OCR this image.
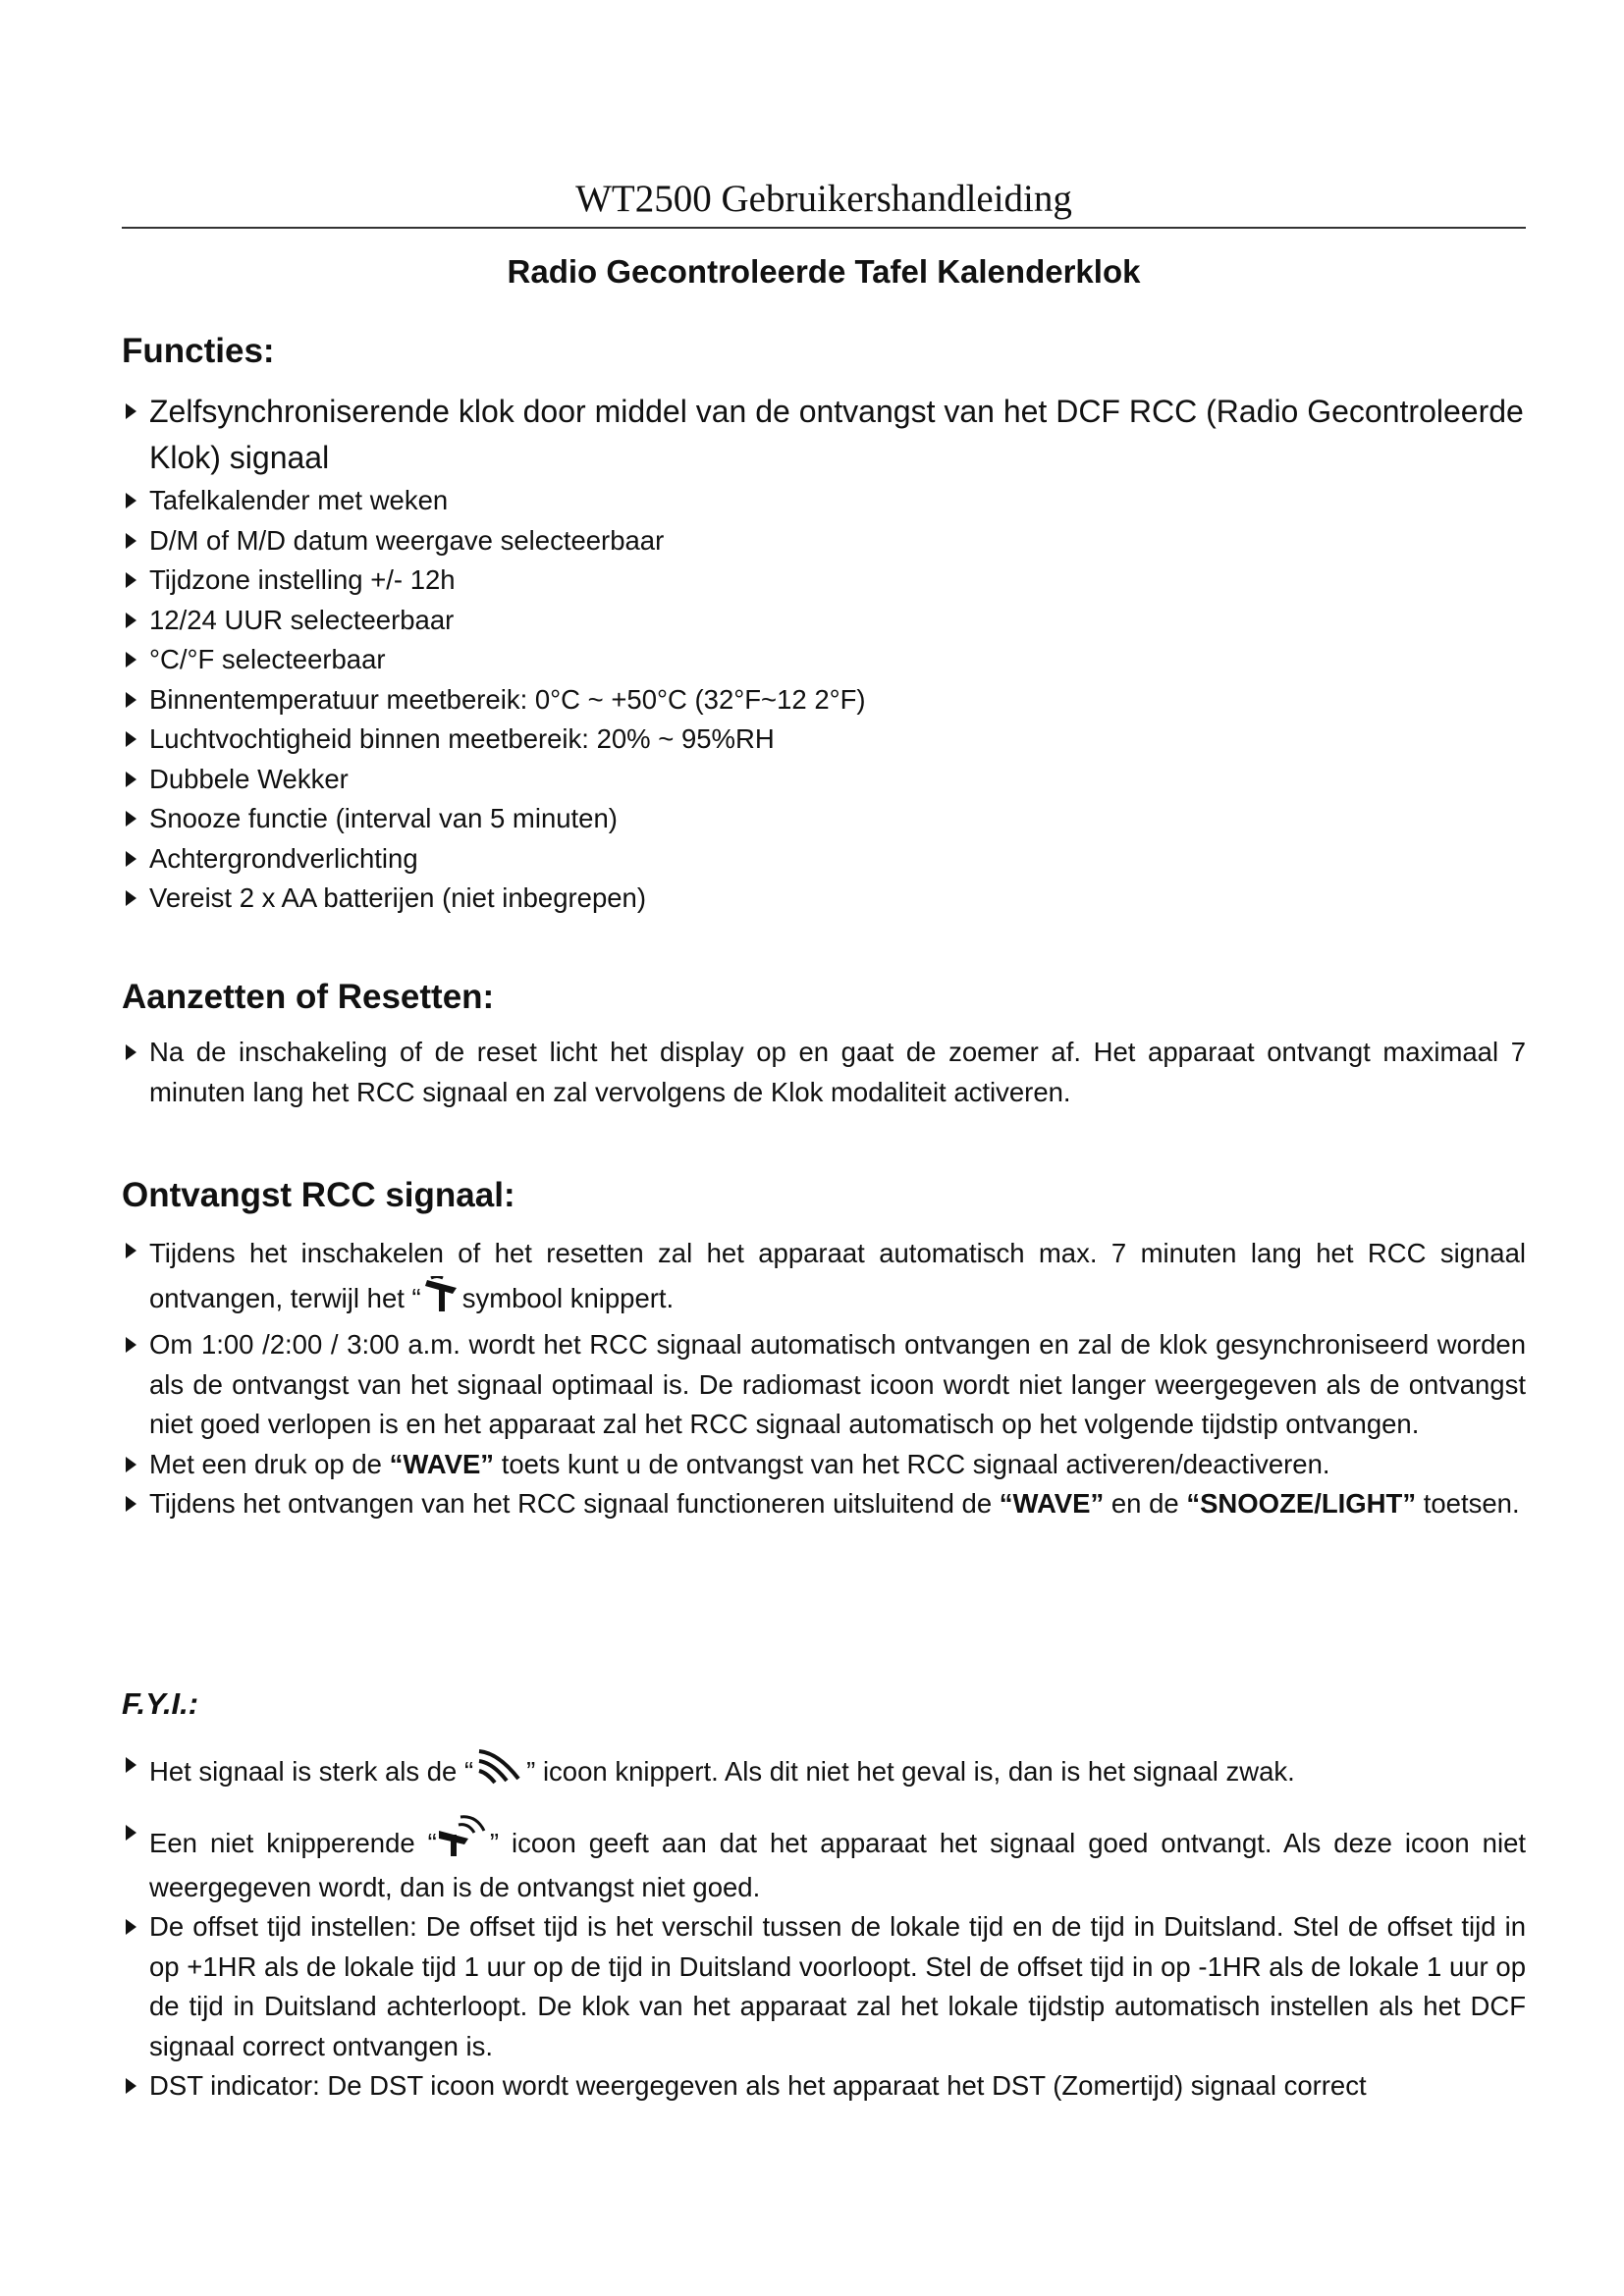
WT2500 Gebruikershandleiding
Radio Gecontroleerde Tafel Kalenderklok
Functies:
Zelfsynchroniserende klok door middel van de ontvangst van het DCF RCC (Radio Gecontroleerde Klok) signaal
Tafelkalender met weken
D/M of M/D datum weergave selecteerbaar
Tijdzone instelling +/- 12h
12/24 UUR selecteerbaar
°C/°F selecteerbaar
Binnentemperatuur meetbereik: 0°C ~ +50°C (32°F~12 2°F)
Luchtvochtigheid binnen meetbereik: 20% ~ 95%RH
Dubbele Wekker
Snooze functie (interval van 5 minuten)
Achtergrondverlichting
Vereist 2 x AA batterijen (niet inbegrepen)
Aanzetten of Resetten:
Na de inschakeling of de reset licht het display op en gaat de zoemer af. Het apparaat ontvangt maximaal 7 minuten lang het RCC signaal en zal vervolgens de Klok modaliteit activeren.
Ontvangst RCC signaal:
Tijdens het inschakelen of het resetten zal het apparaat automatisch max. 7 minuten lang het RCC signaal ontvangen, terwijl het “ symbool knippert.
Om 1:00 /2:00 / 3:00 a.m. wordt het RCC signaal automatisch ontvangen en zal de klok gesynchroniseerd worden als de ontvangst van het signaal optimaal is. De radiomast icoon wordt niet langer weergegeven als de ontvangst niet goed verlopen is en het apparaat zal het RCC signaal automatisch op het volgende tijdstip ontvangen.
Met een druk op de “WAVE” toets kunt u de ontvangst van het RCC signaal activeren/deactiveren.
Tijdens het ontvangen van het RCC signaal functioneren uitsluitend de “WAVE” en de “SNOOZE/LIGHT” toetsen.
F.Y.I.:
Het signaal is sterk als de “ ” icoon knippert. Als dit niet het geval is, dan is het signaal zwak.
Een niet knipperende “ ” icoon geeft aan dat het apparaat het signaal goed ontvangt. Als deze icoon niet weergegeven wordt, dan is de ontvangst niet goed.
De offset tijd instellen: De offset tijd is het verschil tussen de lokale tijd en de tijd in Duitsland. Stel de offset tijd in op +1HR als de lokale tijd 1 uur op de tijd in Duitsland voorloopt. Stel de offset tijd in op -1HR als de lokale 1 uur op de tijd in Duitsland achterloopt. De klok van het apparaat zal het lokale tijdstip automatisch instellen als het DCF signaal correct ontvangen is.
DST indicator: De DST icoon wordt weergegeven als het apparaat het DST (Zomertijd) signaal correct
